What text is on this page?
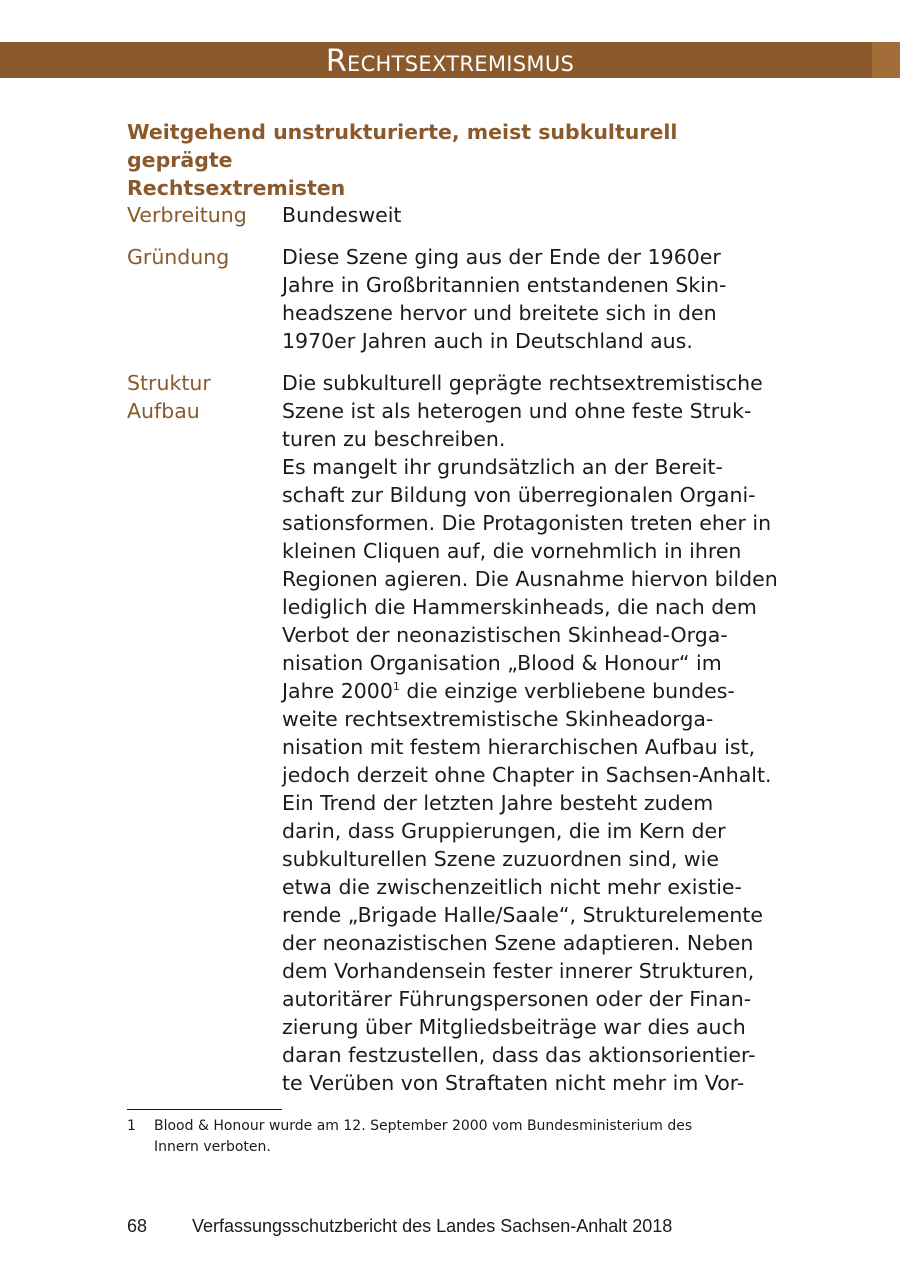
Rechtsextremismus
Weitgehend unstrukturierte, meist subkulturell geprägte
Rechtsextremisten
Verbreitung Bundesweit
Gründung	Diese Szene ging aus der Ende der 1960er
Jahre in Großbritannien entstandenen Skin-
headszene hervor und breitete sich in den
1970er Jahren auch in Deutschland aus.
Struktur
Aufbau
Die subkulturell geprägte rechtsextremistische
Szene ist als heterogen und ohne feste Struk-
turen zu beschreiben.
Es mangelt ihr grundsätzlich an der Bereit-
schaft zur Bildung von überregionalen Organi-
sationsformen. Die Protagonisten treten eher in
kleinen Cliquen auf, die vornehmlich in ihren
Regionen agieren. Die Ausnahme hiervon bilden
lediglich die Hammerskinheads, die nach dem
Verbot der neonazistischen Skinhead-Orga-
nisation Organisation „Blood & Honour“ im
Jahre 2000$^1$ die einzige verbliebene bundes-
weite rechtsextremistische Skinheadorga-
nisation mit festem hierarchischen Aufbau ist,
jedoch derzeit ohne Chapter in Sachsen-Anhalt.
Ein Trend der letzten Jahre besteht zudem
darin, dass Gruppierungen, die im Kern der
subkulturellen Szene zuzuordnen sind, wie
etwa die zwischenzeitlich nicht mehr existie-
rende „Brigade Halle/Saale“, Strukturelemente
der neonazistischen Szene adaptieren. Neben
dem Vorhandensein fester innerer Strukturen,
autoritärer Führungspersonen oder der Finan-
zierung über Mitgliedsbeiträge war dies auch
daran festzustellen, dass das aktionsorientier-
te Verüben von Straftaten nicht mehr im Vor-
1 Blood & Honour wurde am 12. September 2000 vom Bundesministerium des
Innern verboten.
68 Verfassungsschutzbericht des Landes Sachsen-Anhalt 2018
